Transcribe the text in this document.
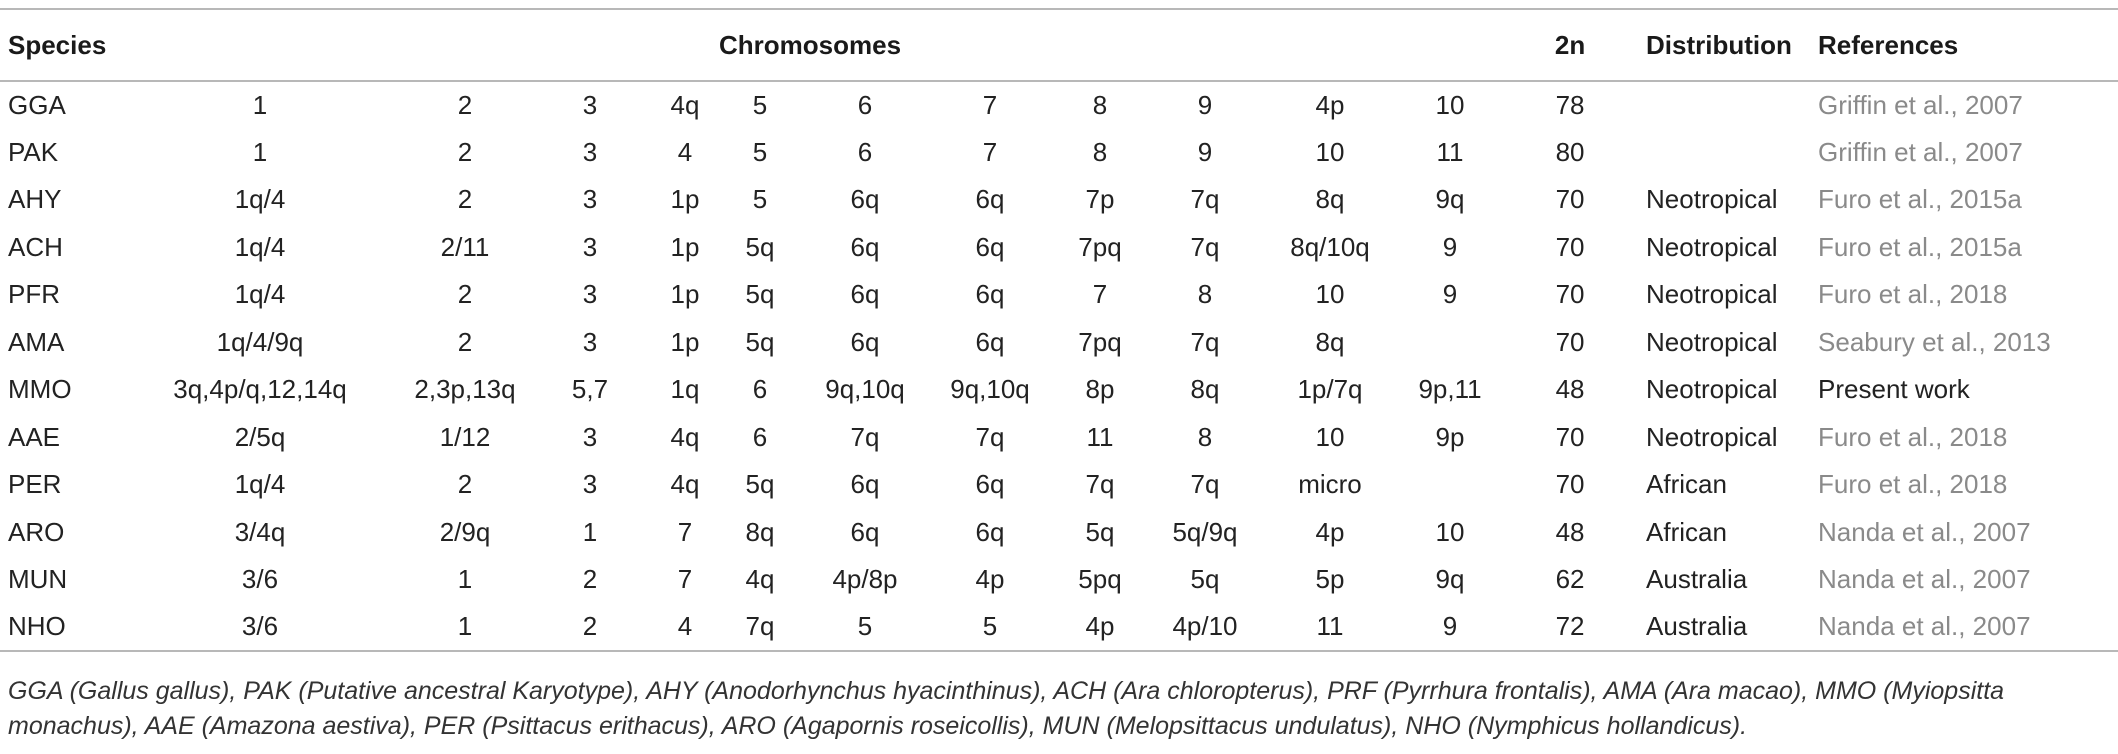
Species	Chromosomes											2n	Distribution	References
GGA	1	2	3	4q	5	6	7	8	9	4p	10	78		Griffin et al., 2007
PAK	1	2	3	4	5	6	7	8	9	10	11	80		Griffin et al., 2007
AHY	1q/4	2	3	1p	5	6q	6q	7p	7q	8q	9q	70	Neotropical	Furo et al., 2015a
ACH	1q/4	2/11	3	1p	5q	6q	6q	7pq	7q	8q/10q	9	70	Neotropical	Furo et al., 2015a
PFR	1q/4	2	3	1p	5q	6q	6q	7	8	10	9	70	Neotropical	Furo et al., 2018
AMA	1q/4/9q	2	3	1p	5q	6q	6q	7pq	7q	8q		70	Neotropical	Seabury et al., 2013
MMO	3q,4p/q,12,14q	2,3p,13q	5,7	1q	6	9q,10q	9q,10q	8p	8q	1p/7q	9p,11	48	Neotropical	Present work
AAE	2/5q	1/12	3	4q	6	7q	7q	11	8	10	9p	70	Neotropical	Furo et al., 2018
PER	1q/4	2	3	4q	5q	6q	6q	7q	7q	micro		70	African	Furo et al., 2018
ARO	3/4q	2/9q	1	7	8q	6q	6q	5q	5q/9q	4p	10	48	African	Nanda et al., 2007
MUN	3/6	1	2	7	4q	4p/8p	4p	5pq	5q	5p	9q	62	Australia	Nanda et al., 2007
NHO	3/6	1	2	4	7q	5	5	4p	4p/10	11	9	72	Australia	Nanda et al., 2007
GGA (Gallus gallus), PAK (Putative ancestral Karyotype), AHY (Anodorhynchus hyacinthinus), ACH (Ara chloropterus), PRF (Pyrrhura frontalis), AMA (Ara macao), MMO (Myiopsitta monachus), AAE (Amazona aestiva), PER (Psittacus erithacus), ARO (Agapornis roseicollis), MUN (Melopsittacus undulatus), NHO (Nymphicus hollandicus).
